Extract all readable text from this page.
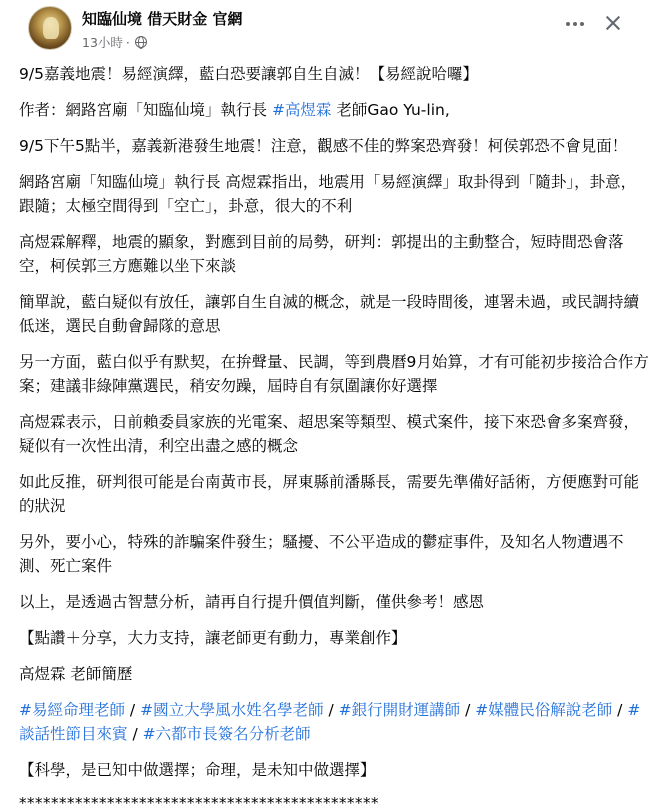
知臨仙境 借天財金 官網
13小時 ·

9/5嘉義地震！易經演繹，藍白恐要讓郭自生自滅！【易經說哈囉】

作者：網路宮廟「知臨仙境」執行長 #高煜霖 老師Gao Yu-lin,

9/5下午5點半，嘉義新港發生地震！注意，觀感不佳的弊案恐齊發！柯侯郭恐不會見面！

網路宮廟「知臨仙境」執行長 高煜霖指出，地震用「易經演繹」取卦得到「隨卦」，卦意，跟隨；太極空間得到「空亡」，卦意，很大的不利

高煜霖解釋，地震的顯象，對應到目前的局勢，研判：郭提出的主動整合，短時間恐會落空，柯侯郭三方應難以坐下來談

簡單說，藍白疑似有放任，讓郭自生自滅的概念，就是一段時間後，連署未過，或民調持續低迷，選民自動會歸隊的意思

另一方面，藍白似乎有默契，在拚聲量、民調，等到農曆9月始算，才有可能初步接洽合作方案；建議非綠陣黨選民，稍安勿躁，屆時自有氛圍讓你好選擇

高煜霖表示，日前賴委員家族的光電案、超思案等類型、模式案件，接下來恐會多案齊發，疑似有一次性出清，利空出盡之感的概念

如此反推，研判很可能是台南黃市長，屏東縣前潘縣長，需要先準備好話術，方便應對可能的狀況

另外，要小心，特殊的詐騙案件發生；騷擾、不公平造成的鬱症事件，及知名人物遭遇不測、死亡案件

以上，是透過古智慧分析，請再自行提升價值判斷，僅供參考！感恩

【點讚＋分享，大力支持，讓老師更有動力，專業創作】

高煜霖 老師簡歷

#易經命理老師 / #國立大學風水姓名學老師 / #銀行開財運講師 / #媒體民俗解說老師 / #談話性節目來賓 / #六都市長簽名分析老師

【科學，是已知中做選擇；命理，是未知中做選擇】

*********************************************
